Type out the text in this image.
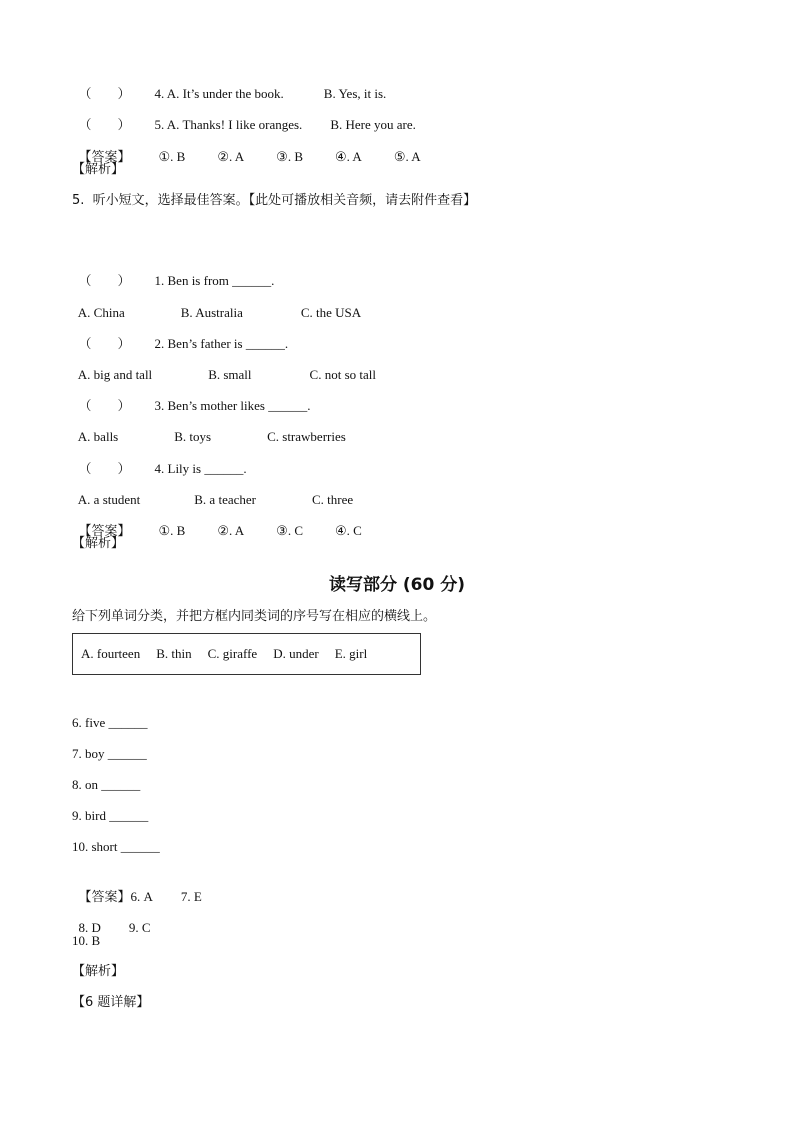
（　　） 4. A. It’s under the book.	B. Yes, it is.

（　　） 5. A. Thanks! I like oranges. B. Here you are.

【答案】 ①. B ②. A ③. B ④. A ⑤. A

【解析】
5.  听小短文，选择最佳答案。【此处可播放相关音频，请去附件查看】

（　　） 1. Ben is from ______.

A. China	B. Australia	C. the USA

（　　） 2. Ben’s father is ______.

A. big and tall	B. small	C. not so tall

（　　） 3. Ben’s mother likes ______.

A. balls	B. toys	C. strawberries

（　　） 4. Lily is ______.

A. a student	B. a teacher	C. three

【答案】 ①. B ②. A ③. C ④. C

【解析】
读写部分 (60 分)
给下列单词分类，并把方框内同类词的序号写在相应的横线上。
A. fourteen B. thin C. giraffe D. under E. girl
6. five ______
7. boy ______
8. on ______
9. bird ______
10. short ______

【答案】6. A 7. E

8. D 9. C

10. B
【解析】
【6 题详解】
